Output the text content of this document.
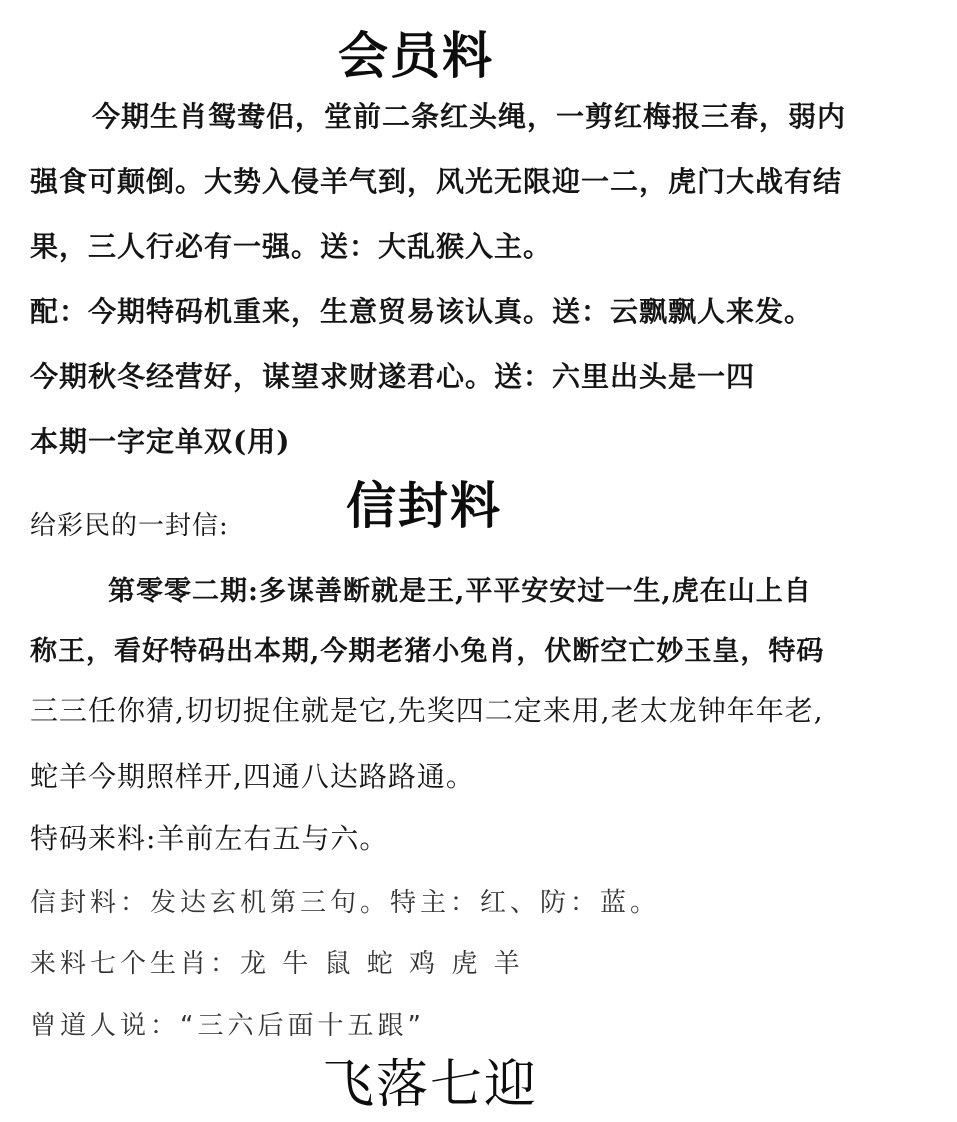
会员料
今期生肖鸳鸯侣，堂前二条红头绳，一剪红梅报三春，弱内
强食可颠倒。大势入侵羊气到，风光无限迎一二，虎门大战有结
果，三人行必有一强。送：大乱猴入主。
配：今期特码机重来，生意贸易该认真。送：云飘飘人来发。
今期秋冬经营好，谋望求财遂君心。送：六里出头是一四
本期一字定单双(用)
给彩民的一封信: 信封料
第零零二期:多谋善断就是王,平平安安过一生,虎在山上自
称王，看好特码出本期,今期老猪小兔肖，伏断空亡妙玉皇，特码
三三任你猜,切切捉住就是它,先奖四二定来用,老太龙钟年年老,
蛇羊今期照样开,四通八达路路通。
特码来料:羊前左右五与六。
信封料：发达玄机第三句。特主：红、防：蓝。
来料七个生肖：龙 牛 鼠 蛇 鸡 虎 羊
曾道人说：“三六后面十五跟”
飞落七迎
